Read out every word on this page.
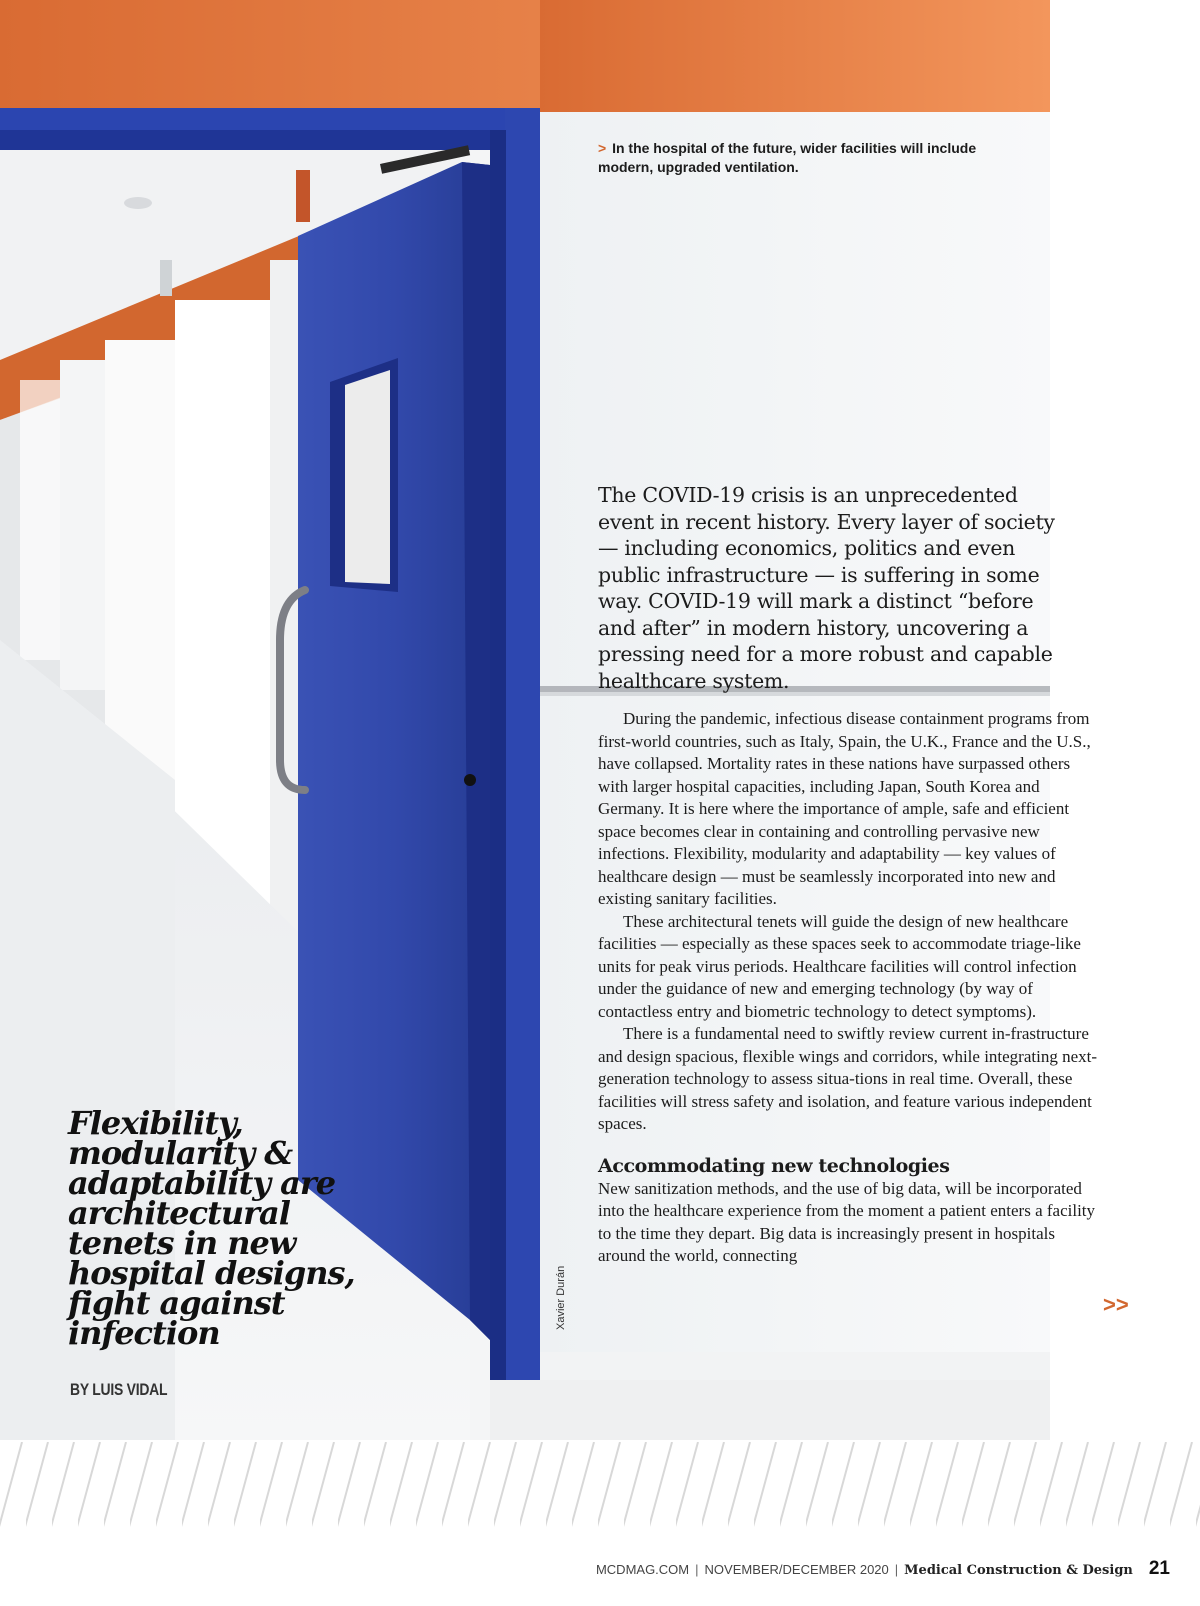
> In the hospital of the future, wider facilities will include modern, upgraded ventilation.
The COVID-19 crisis is an unprecedented event in recent history. Every layer of society — including economics, politics and even public infrastructure — is suffering in some way. COVID-19 will mark a distinct “before and after” in modern history, uncovering a pressing need for a more robust and capable healthcare system.

During the pandemic, infectious disease containment programs from first-world countries, such as Italy, Spain, the U.K., France and the U.S., have collapsed. Mortality rates in these nations have surpassed others with larger hospital capacities, including Japan, South Korea and Germany. It is here where the importance of ample, safe and efficient space becomes clear in containing and controlling pervasive new infections. Flexibility, modularity and adaptability — key values of healthcare design — must be seamlessly incorporated into new and existing sanitary facilities.

These architectural tenets will guide the design of new healthcare facilities — especially as these spaces seek to accommodate triage-like units for peak virus periods. Healthcare facilities will control infection under the guidance of new and emerging technology (by way of contactless entry and biometric technology to detect symptoms).

There is a fundamental need to swiftly review current in-frastructure and design spacious, flexible wings and corridors, while integrating next-generation technology to assess situa-tions in real time. Overall, these facilities will stress safety and isolation, and feature various independent spaces.

Accommodating new technologies

New sanitization methods, and the use of big data, will be incorporated into the healthcare experience from the moment a patient enters a facility to the time they depart. Big data is increasingly present in hospitals around the world, connecting

>>
Xavier Durán
Flexibility, modularity & adaptability are architectural tenets in new hospital designs, fight against infection
BY LUIS VIDAL
MCDMAG.COM | NOVEMBER/DECEMBER 2020 | Medical Construction & Design 21
